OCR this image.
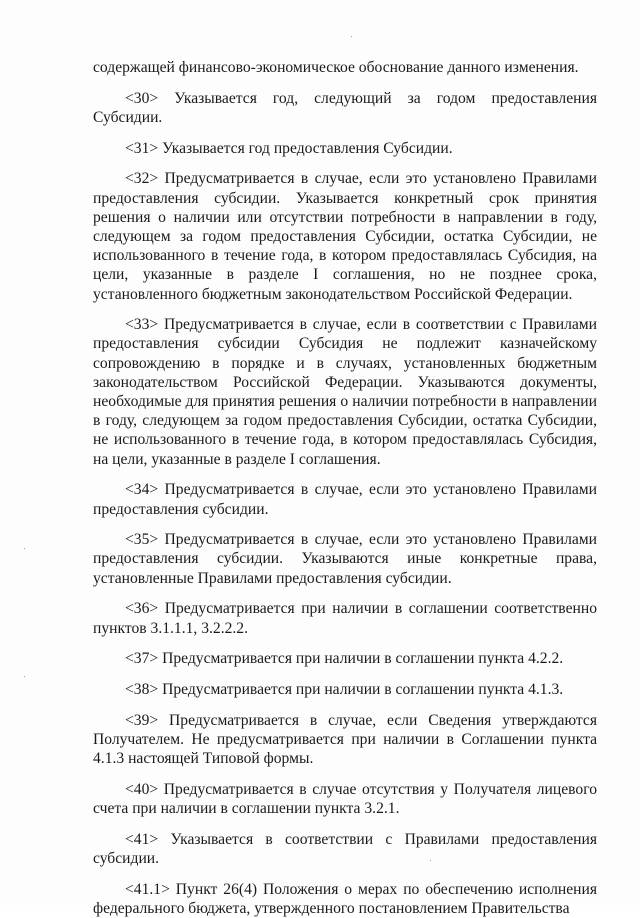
содержащей финансово-экономическое обоснование данного изменения.

<30> Указывается год, следующий за годом предоставления Субсидии.

<31> Указывается год предоставления Субсидии.

<32> Предусматривается в случае, если это установлено Правилами предоставления субсидии. Указывается конкретный срок принятия решения о наличии или отсутствии потребности в направлении в году, следующем за годом предоставления Субсидии, остатка Субсидии, не использованного в течение года, в котором предоставлялась Субсидия, на цели, указанные в разделе I соглашения, но не позднее срока, установленного бюджетным законодательством Российской Федерации.

<33> Предусматривается в случае, если в соответствии с Правилами предоставления субсидии Субсидия не подлежит казначейскому сопровождению в порядке и в случаях, установленных бюджетным законодательством Российской Федерации. Указываются документы, необходимые для принятия решения о наличии потребности в направлении в году, следующем за годом предоставления Субсидии, остатка Субсидии, не использованного в течение года, в котором предоставлялась Субсидия, на цели, указанные в разделе I соглашения.

<34> Предусматривается в случае, если это установлено Правилами предоставления субсидии.

<35> Предусматривается в случае, если это установлено Правилами предоставления субсидии. Указываются иные конкретные права, установленные Правилами предоставления субсидии.

<36> Предусматривается при наличии в соглашении соответственно пунктов 3.1.1.1, 3.2.2.2.

<37> Предусматривается при наличии в соглашении пункта 4.2.2.

<38> Предусматривается при наличии в соглашении пункта 4.1.3.

<39> Предусматривается в случае, если Сведения утверждаются Получателем. Не предусматривается при наличии в Соглашении пункта 4.1.3 настоящей Типовой формы.

<40> Предусматривается в случае отсутствия у Получателя лицевого счета при наличии в соглашении пункта 3.2.1.

<41> Указывается в соответствии с Правилами предоставления субсидии.

<41.1> Пункт 26(4) Положения о мерах по обеспечению исполнения федерального бюджета, утвержденного постановлением Правительства
